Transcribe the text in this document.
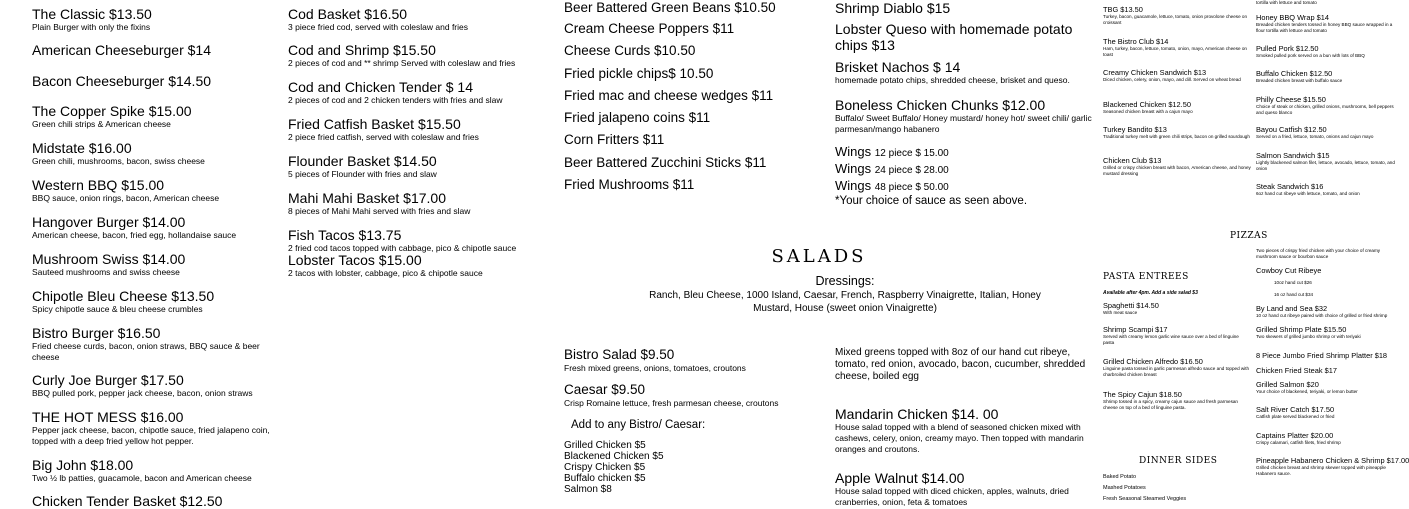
The Classic $13.50
Plain Burger with only the fixins
American Cheeseburger $14
Bacon Cheeseburger $14.50
The Copper Spike $15.00
Green chili strips & American cheese
Midstate $16.00
Green chili, mushrooms, bacon, swiss cheese
Western BBQ $15.00
BBQ sauce, onion rings, bacon, American cheese
Hangover Burger $14.00
American cheese, bacon, fried egg, hollandaise sauce
Mushroom Swiss $14.00
Sauteed mushrooms and swiss cheese
Chipotle Bleu Cheese $13.50
Spicy chipotle sauce & bleu cheese crumbles
Bistro Burger $16.50
Fried cheese curds, bacon, onion straws, BBQ sauce & beer cheese
Curly Joe Burger $17.50
BBQ pulled pork, pepper jack cheese, bacon, onion straws
THE HOT MESS $16.00
Pepper jack cheese, bacon, chipotle sauce, fried jalapeno coin, topped with a deep fried yellow hot pepper.
Big John $18.00
Two ½ lb patties, guacamole, bacon and American cheese
Chicken Tender Basket $12.50
Cod Basket $16.50
3 piece fried cod, served with coleslaw and fries
Cod and Shrimp $15.50
2 pieces of cod and ** shrimp Served with coleslaw and fries
Cod and Chicken Tender $ 14
2 pieces of cod and 2 chicken tenders with fries and slaw
Fried Catfish Basket $15.50
2 piece fried catfish, served with coleslaw and fries
Flounder Basket $14.50
5 pieces of Flounder with fries and slaw
Mahi Mahi Basket $17.00
8 pieces of Mahi Mahi served with fries and slaw
Fish Tacos $13.75
2 fried cod tacos topped with cabbage, pico & chipotle sauce
Lobster Tacos $15.00
2 tacos with lobster, cabbage, pico & chipotle sauce
Beer Battered Green Beans $10.50
Cream Cheese Poppers $11
Cheese Curds $10.50
Fried pickle chips$ 10.50
Fried mac and cheese wedges $11
Fried jalapeno coins $11
Corn Fritters $11
Beer Battered Zucchini Sticks $11
Fried Mushrooms $11
Bistro Salad $9.50
Fresh mixed greens, onions, tomatoes, croutons
Caesar $9.50
Crisp Romaine lettuce, fresh parmesan cheese, croutons
Add to any Bistro/ Caesar:
Grilled Chicken $5
Blackened Chicken $5
Crispy Chicken $5
Buffalo chicken $5
Salmon $8
Shrimp Diablo $15
Lobster Queso with homemade potato chips $13
Brisket Nachos $ 14
homemade potato chips, shredded cheese, brisket and queso.
Boneless Chicken Chunks $12.00
Buffalo/ Sweet Buffalo/ Honey mustard/ honey hot/ sweet chili/ garlic parmesan/mango habanero
Wings 12 piece $ 15.00
Wings 24 piece $ 28.00
Wings 48 piece $ 50.00
*Your choice of sauce as seen above.
Mixed greens topped with 8oz of our hand cut ribeye, tomato, red onion, avocado, bacon, cucumber, shredded cheese, boiled egg
Mandarin Chicken $14. 00
House salad topped with a blend of seasoned chicken mixed with cashews, celery, onion, creamy mayo. Then topped with mandarin oranges and croutons.
Apple Walnut $14.00
House salad topped with diced chicken, apples, walnuts, dried cranberries, onion, feta & tomatoes
SALADS
Dressings:
Ranch, Bleu Cheese, 1000 Island, Caesar, French, Raspberry Vinaigrette, Italian, Honey Mustard, House (sweet onion Vinaigrette)
TBG $13.50
Turkey, bacon, guacamole, lettuce, tomato, onion provolone cheese on croissant
The Bistro Club $14
Ham, turkey, bacon, lettuce, tomato, onion, mayo, American cheese on toast
Creamy Chicken Sandwich $13
Diced chicken, celery, onion, mayo, and dill. Served on wheat bread
Blackened Chicken $12.50
Seasoned chicken breast with a cajun mayo
Turkey Bandito $13
Traditional turkey melt with green chili strips, bacon on grilled sourdough
Chicken Club $13
Grilled or crispy chicken breast with bacon, American cheese, and honey mustard dressing
PASTA ENTREES
Available after 4pm. Add a side salad $3
Spaghetti $14.50
With meat sauce
Shrimp Scampi $17
Served with creamy lemon garlic wine sauce over a bed of linguine pasta
Grilled Chicken Alfredo $16.50
Linguine pasta tossed in garlic parmesan alfredo sauce and topped with charbroiled chicken breast
The Spicy Cajun $18.50
Shrimp tossed in a spicy, creamy cajun sauce and fresh parmesan cheese on top of a bed of linguine pasta.
DINNER SIDES
Baked Potato
Mashed Potatoes
Fresh Seasonal Steamed Veggies
PIZZAS
tortilla with lettuce and tomato
Honey BBQ Wrap $14
Breaded chicken tenders tossed in honey BBQ sauce wrapped in a flour tortilla with lettuce and tomato
Pulled Pork $12.50
Smoked pulled pork served on a bun with lots of BBQ
Buffalo Chicken $12.50
Breaded chicken breast with buffalo sauce
Philly Cheese $15.50
Choice of steak or chicken, grilled onions, mushrooms, bell peppers and queso blanco
Bayou Catfish $12.50
Served on a fried, lettuce, tomato, onions and cajun mayo
Salmon Sandwich $15
Lightly blackened salmon filet, lettuce, avocado, lettuce, tomato, and onion
Steak Sandwich $16
6oz hand cut ribeye with lettuce, tomato, and onion
Two pieces of crispy fried chicken with your choice of creamy mushroom sauce or bourbon sauce
Cowboy Cut Ribeye
10oz hand cut $26
16 oz hand cut $34
By Land and Sea $32
10 oz hand cut ribeye paired with choice of grilled or fried shrimp
Grilled Shrimp Plate $15.50
Two skewers of grilled jumbo shrimp or with teriyaki
8 Piece Jumbo Fried Shrimp Platter $18
Chicken Fried Steak $17
Grilled Salmon $20
Your choice of blackened, teriyaki, or lemon butter
Salt River Catch $17.50
Catfish plate served blackened or fried
Captains Platter $20.00
Crispy calamari, catfish filets, fried shrimp
Pineapple Habanero Chicken & Shrimp $17.00
Grilled chicken breast and shrimp skewer topped with pineapple Habanero sauce.
